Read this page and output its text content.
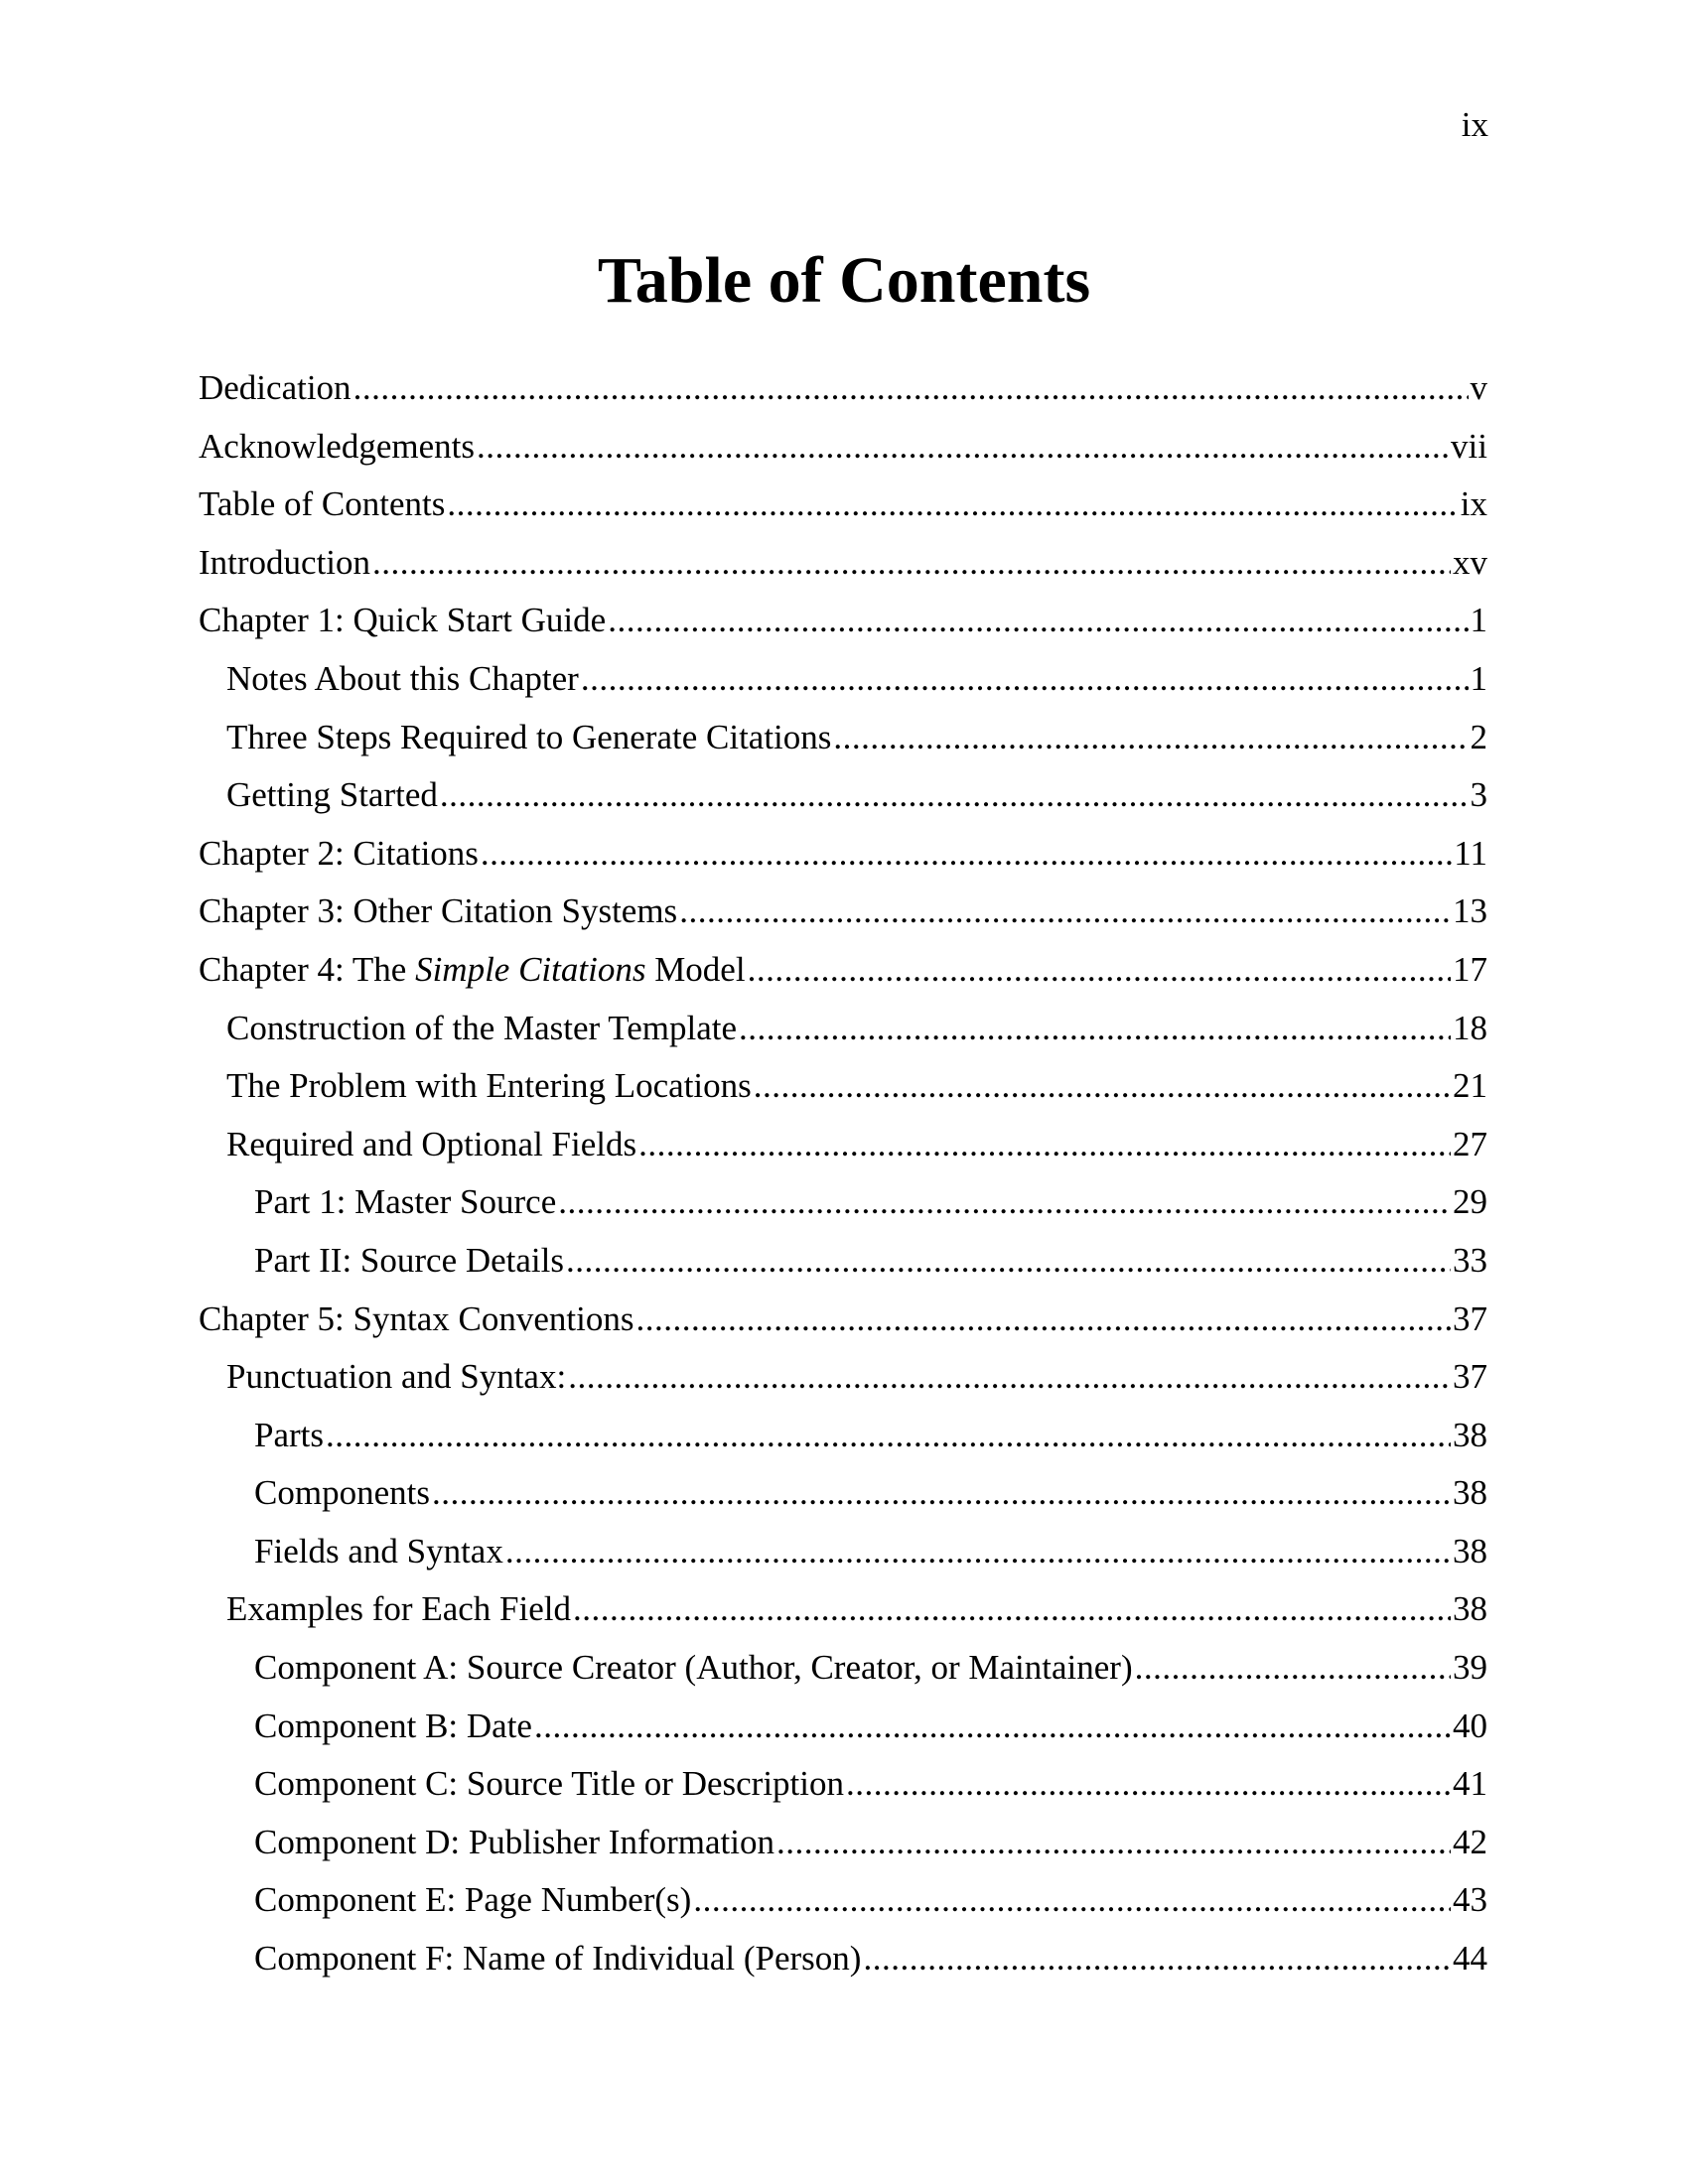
ix
Table of Contents
Dedication .....	v
Acknowledgements .....	vii
Table of Contents .....	ix
Introduction .....	xv
Chapter 1: Quick Start Guide .....	1
Notes About this Chapter .....	1
Three Steps Required to Generate Citations .....	2
Getting Started .....	3
Chapter 2: Citations .....	11
Chapter 3: Other Citation Systems .....	13
Chapter 4: The Simple Citations Model .....	17
Construction of the Master Template .....	18
The Problem with Entering Locations .....	21
Required and Optional Fields .....	27
Part 1: Master Source .....	29
Part II: Source Details .....	33
Chapter 5: Syntax Conventions .....	37
Punctuation and Syntax: .....	37
Parts .....	38
Components .....	38
Fields and Syntax .....	38
Examples for Each Field .....	38
Component A: Source Creator (Author, Creator, or Maintainer) .....	39
Component B: Date .....	40
Component C: Source Title or Description .....	41
Component D: Publisher Information .....	42
Component E: Page Number(s) .....	43
Component F: Name of Individual (Person) .....	44
